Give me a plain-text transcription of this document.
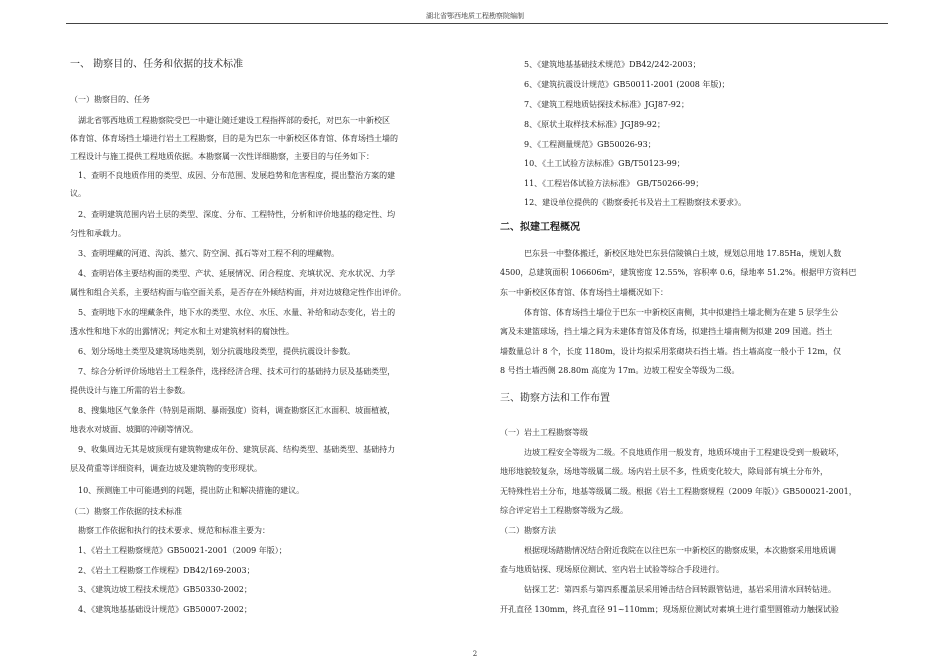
湖北省鄂西地质工程勘察院编制
一、 勘察目的、任务和依据的技术标准
（一）勘察目的、任务
湖北省鄂西地质工程勘察院受巴一中避让随迁建设工程指挥部的委托，对巴东一中新校区
体育馆、体育场挡土墙进行岩土工程勘察，目的是为巴东一中新校区体育馆、体育场挡土墙的
工程设计与施工提供工程地质依据。本勘察属一次性详细勘察，主要目的与任务如下：
1、查明不良地质作用的类型、成因、分布范围、发展趋势和危害程度，提出整治方案的建
议。
2、查明建筑范围内岩土层的类型、深度、分布、工程特性，分析和评价地基的稳定性、均
匀性和承载力。
3、查明埋藏的河道、沟浜、墓穴、防空洞、孤石等对工程不利的埋藏物。
4、查明岩体主要结构面的类型、产状、延展情况、闭合程度、充填状况、充水状况、力学
属性和组合关系，主要结构面与临空面关系，是否存在外倾结构面，并对边坡稳定性作出评价。
5、查明地下水的埋藏条件，地下水的类型、水位、水压、水量、补给和动态变化，岩土的
透水性和地下水的出露情况；判定水和土对建筑材料的腐蚀性。
6、划分场地土类型及建筑场地类别，划分抗震地段类型，提供抗震设计参数。
7、综合分析评价场地岩土工程条件，选择经济合理、技术可行的基础持力层及基础类型，
提供设计与施工所需的岩土参数。
8、搜集地区气象条件（特别是雨期、暴雨强度）资料，调查勘察区汇水面积、坡面植被，
地表水对坡面、坡脚的冲刷等情况。
9、收集周边无其是坡顶现有建筑物建成年份、建筑层高、结构类型、基础类型、基础持力
层及荷重等详细资料，调查边坡及建筑物的变形现状。
10、预测施工中可能遇到的问题，提出防止和解决措施的建议。
（二）勘察工作依据的技术标准
勘察工作依据和执行的技术要求、规范和标准主要为：
1、《岩土工程勘察规范》GB50021-2001（2009 年版）；
2、《岩土工程勘察工作规程》DB42/169-2003；
3、《建筑边坡工程技术规范》GB50330-2002；
4、《建筑地基基础设计规范》GB50007-2002；
5、《建筑地基基础技术规范》DB42/242-2003；
6、《建筑抗震设计规范》GB50011-2001 (2008 年版)；
7、《建筑工程地质钻探技术标准》JGJ87-92；
8、《原状土取样技术标准》JGJ89-92；
9、《工程测量规范》GB50026-93；
10、《土工试验方法标准》GB/T50123-99；
11、《工程岩体试验方法标准》 GB/T50266-99；
12、建设单位提供的《勘察委托书及岩土工程勘察技术要求》。
二、拟建工程概况
巴东县一中整体搬迁，新校区地处巴东县信陵镇白土坡，规划总用地 17.85Ha，规划人数
4500，总建筑面积 106606m²，建筑密度 12.55%，容积率 0.6，绿地率 51.2%。根据甲方资料巴
东一中新校区体育馆、体育场挡土墙概况如下：
体育馆、体育场挡土墙位于巴东一中新校区南侧，其中拟建挡土墙北侧为在建 5 层学生公
寓及未建篮球场，挡土墙之间为未建体育馆及体育场，拟建挡土墙南侧为拟建 209 国道。挡土
墙数量总计 8 个，长度 1180m，设计均拟采用浆砌块石挡土墙。挡土墙高度一般小于 12m，仅
8 号挡土墙西侧 28.80m 高度为 17m。边坡工程安全等级为二级。
三、勘察方法和工作布置
（一）岩土工程勘察等级
边坡工程安全等级为二级。不良地质作用一般发育，地质环境由于工程建设受到一般破坏，
地形地貌较复杂，场地等级属二级。场内岩土层不多，性质变化较大，除局部有填土分布外，
无特殊性岩土分布，地基等级属二级。根据《岩土工程勘察规程（2009 年版）》GB500021-2001，
综合评定岩土工程勘察等级为乙级。
（二）勘察方法
根据现场踏勘情况结合附近我院在以往巴东一中新校区的勘察成果，本次勘察采用地质调
查与地质钻探、现场原位测试、室内岩土试验等综合手段进行。
钻探工艺：第四系与第四系覆盖层采用锤击结合回转跟管钻进，基岩采用清水回转钻进。
开孔直径 130mm，终孔直径 91~110mm；现场原位测试对素填土进行重型圆锥动力触探试验
2
